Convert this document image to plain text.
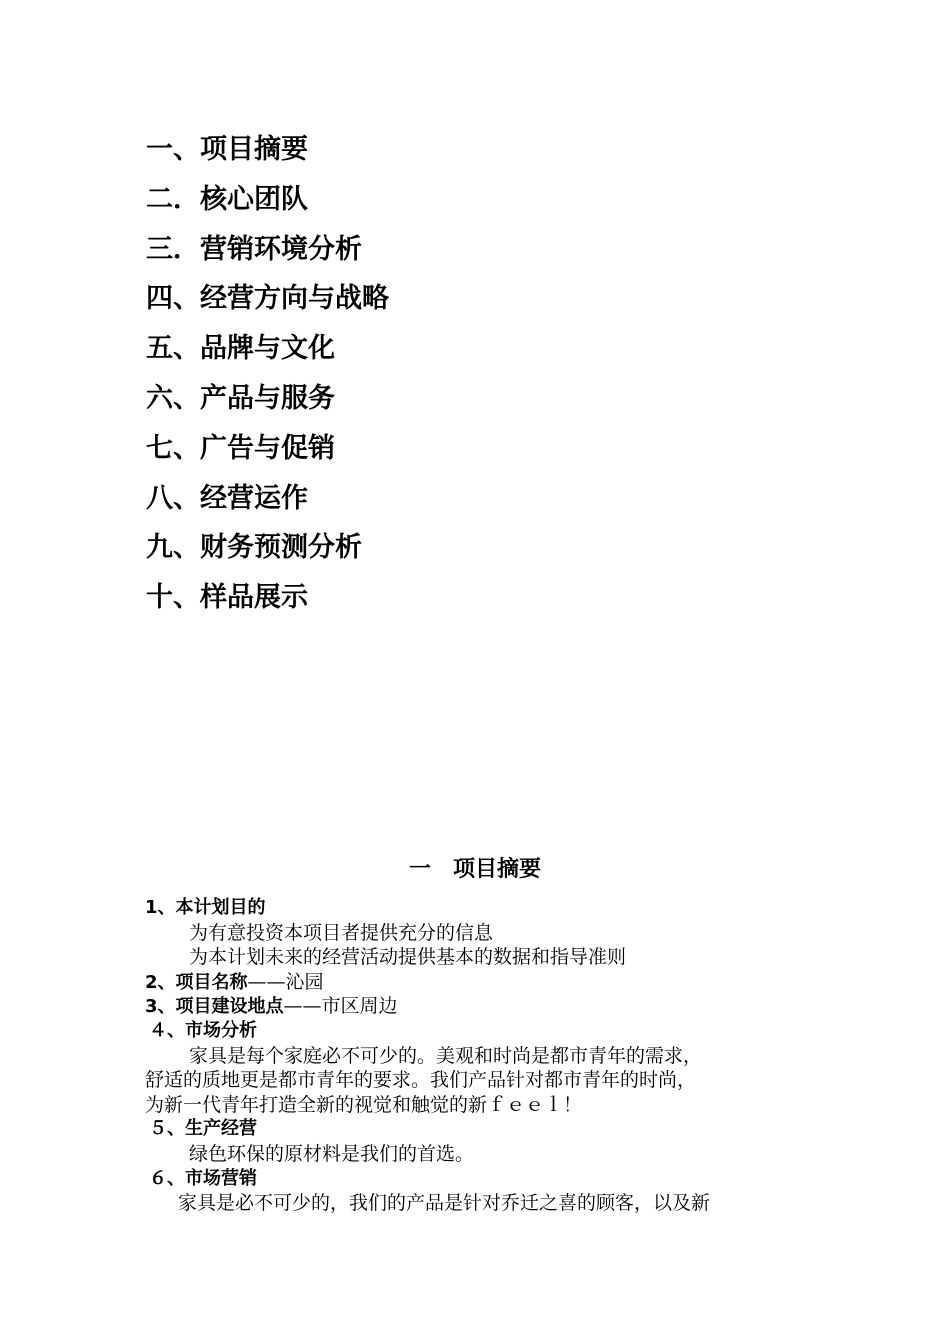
一、项目摘要
二．核心团队
三．营销环境分析
四、经营方向与战略
五、品牌与文化
六、产品与服务
七、广告与促销
八、经营运作
九、财务预测分析
十、样品展示
一　项目摘要
1、本计划目的
为有意投资本项目者提供充分的信息
为本计划未来的经营活动提供基本的数据和指导准则
2、项目名称——沁园
3、项目建设地点——市区周边
４、市场分析
家具是每个家庭必不可少的。美观和时尚是都市青年的需求，
舒适的质地更是都市青年的要求。我们产品针对都市青年的时尚，
为新一代青年打造全新的视觉和触觉的新ｆｅｅｌ！
５、生产经营
绿色环保的原材料是我们的首选。
６、市场营销
家具是必不可少的，我们的产品是针对乔迁之喜的顾客，以及新
